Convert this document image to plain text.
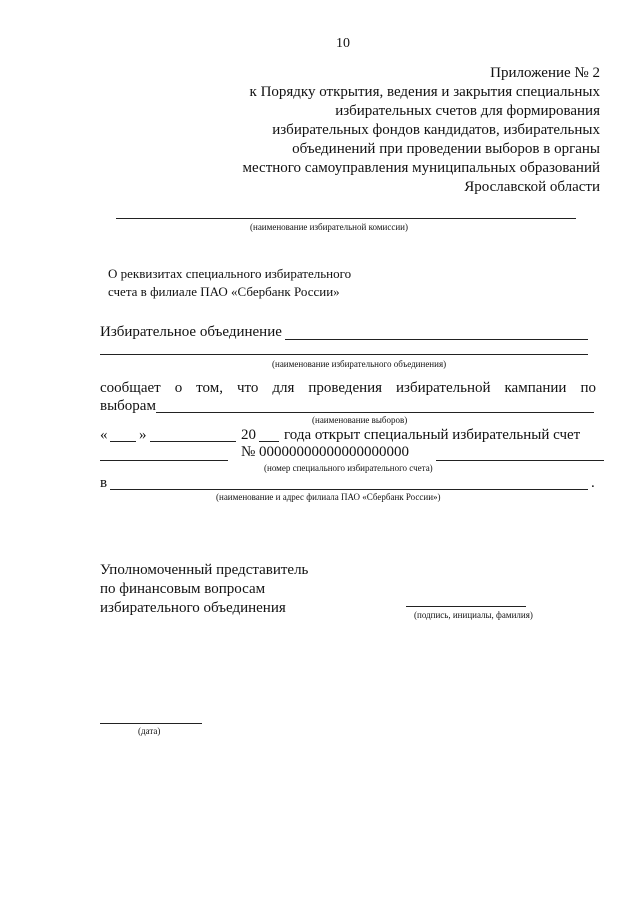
10
Приложение № 2
к Порядку открытия, ведения и закрытия специальных
избирательных счетов для формирования
избирательных фондов кандидатов, избирательных
объединений при проведении выборов в органы
местного самоуправления муниципальных образований
Ярославской области
(наименование избирательной комиссии)
О реквизитах специального избирательного
счета в филиале ПАО «Сбербанк России»
Избирательное объединение
(наименование избирательного объединения)
сообщает о том, что для проведения избирательной кампании по
выборам
(наименование выборов)
« »	20 года открыт специальный избирательный счет
№ 00000000000000000000
(номер специального избирательного счета)
в	.
(наименование и адрес филиала ПАО «Сбербанк России»)
Уполномоченный представитель
по финансовым вопросам
избирательного объединения	(подпись, инициалы, фамилия)
(дата)
